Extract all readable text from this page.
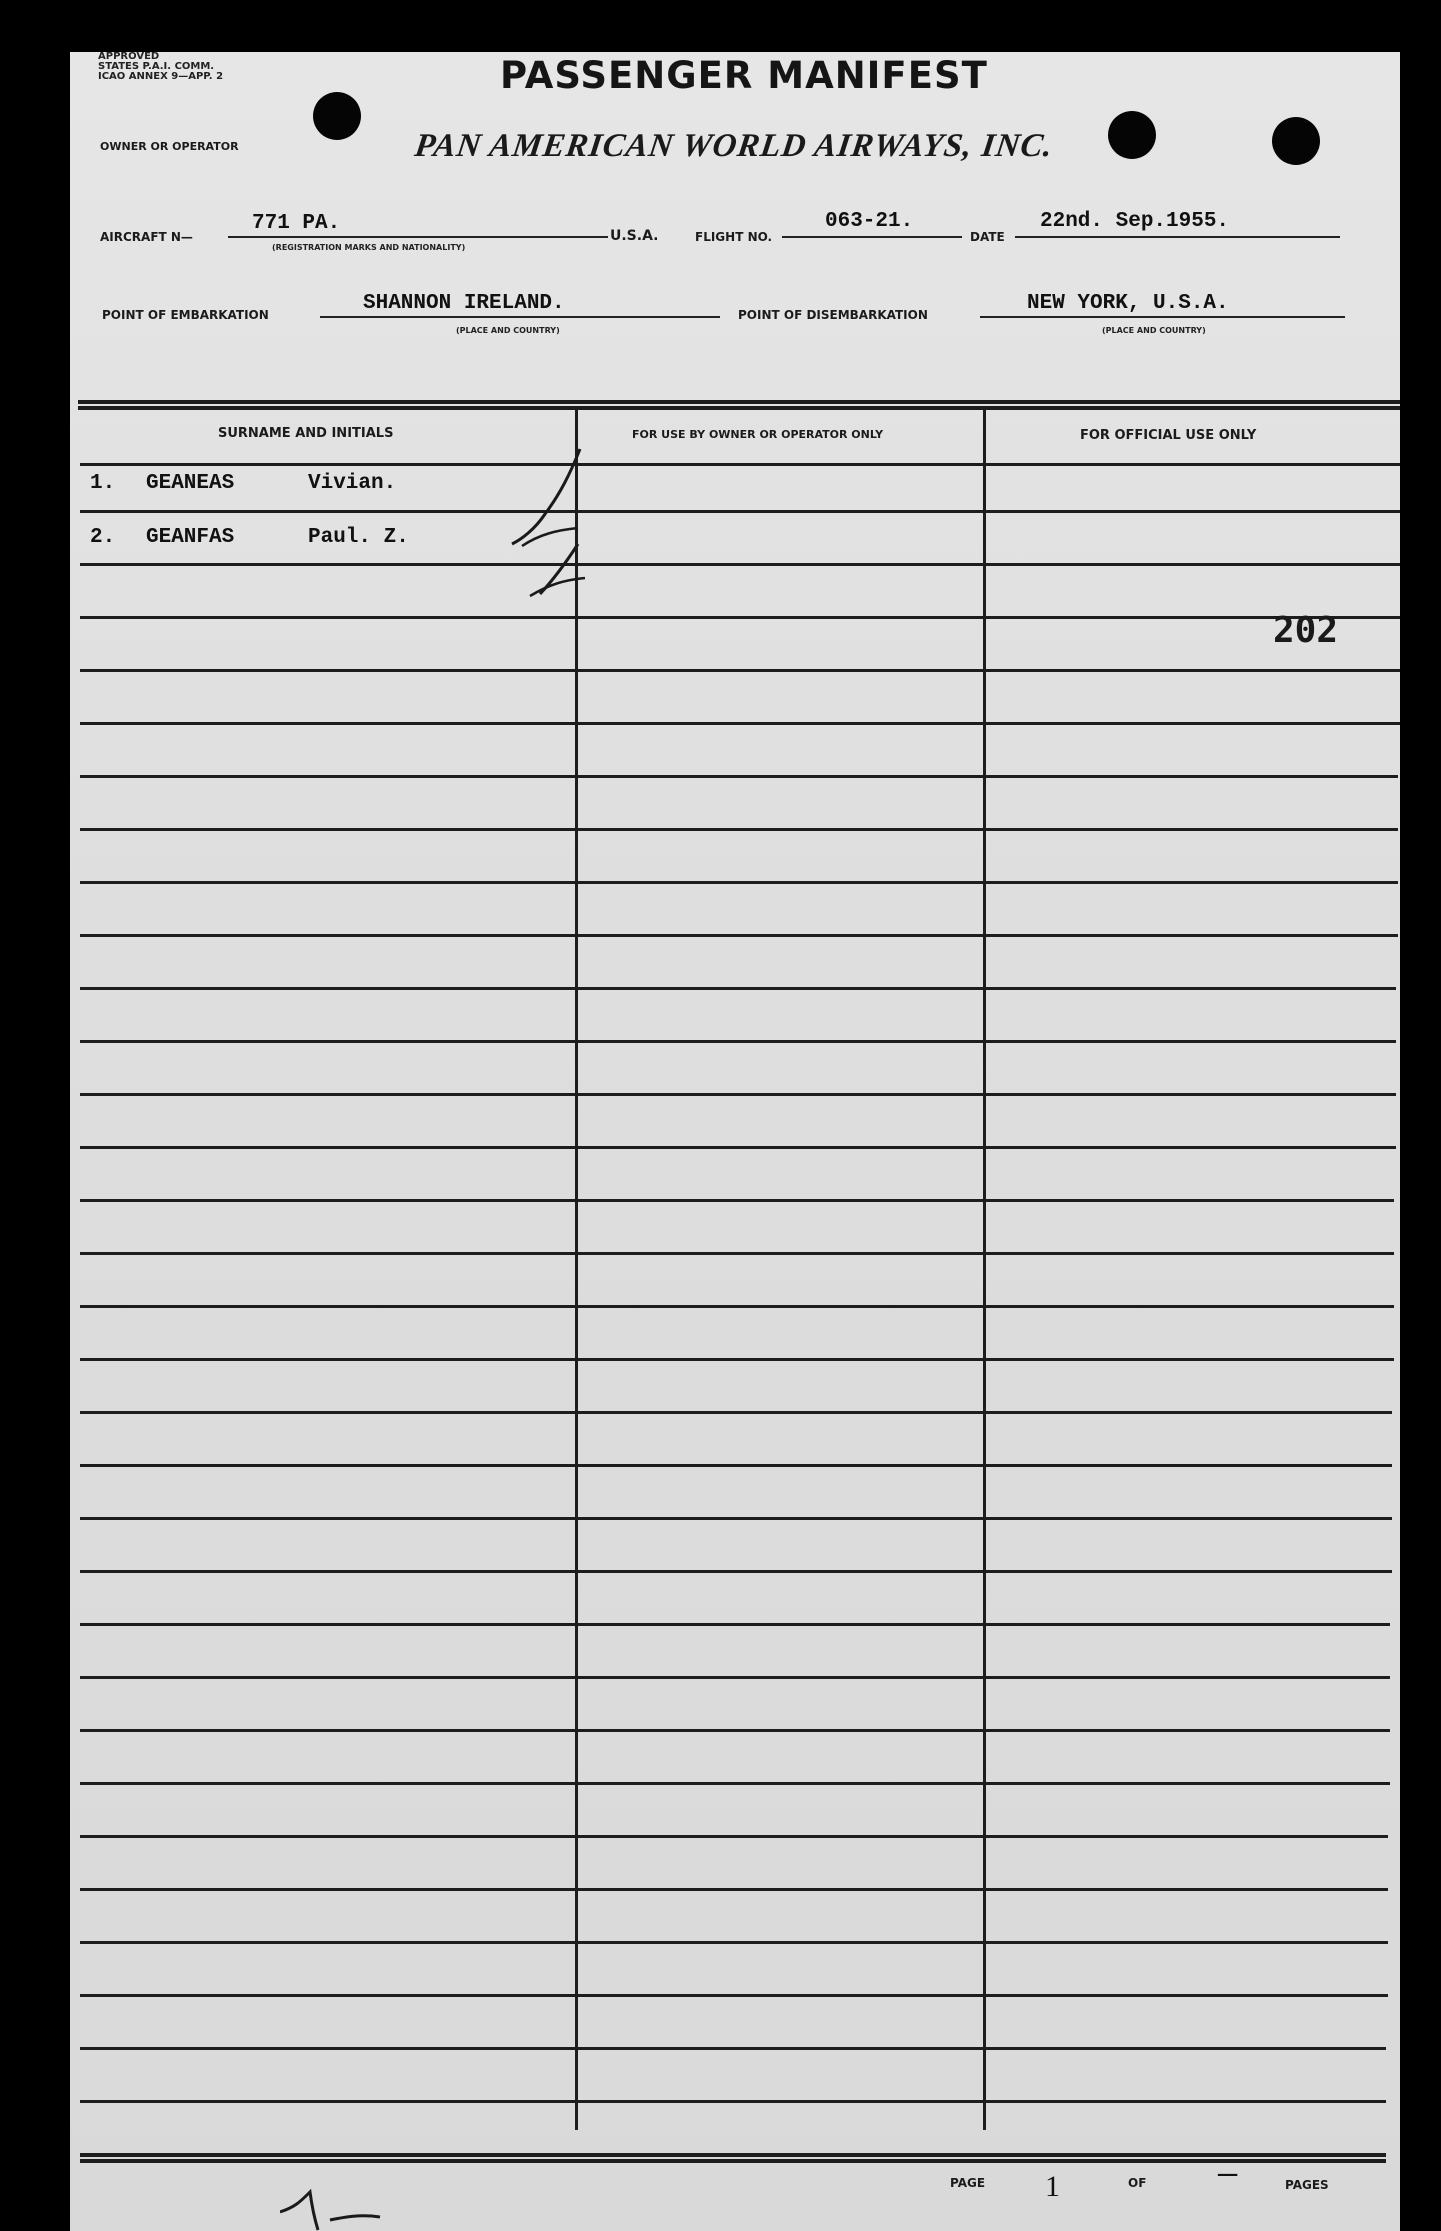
APPROVED
STATES P.A.I. COMM.
ICAO ANNEX 9—APP. 2	PASSENGER MANIFEST
OWNER OR OPERATOR	PAN AMERICAN WORLD AIRWAYS, INC.
AIRCRAFT N—
771 PA.
(REGISTRATION MARKS AND NATIONALITY)
U.S.A.	FLIGHT NO.
063-21.
DATE
22nd. Sep.1955.
POINT OF EMBARKATION	SHANNON IRELAND.
(PLACE AND COUNTRY)
POINT OF DISEMBARKATION	NEW YORK, U.S.A.
(PLACE AND COUNTRY)
SURNAME AND INITIALS	FOR USE BY OWNER OR OPERATOR ONLY	FOR OFFICIAL USE ONLY
1. GEANEAS	Vivian.
2. GEANFAS	Paul. Z.
202
PAGE 1	OF —	PAGES
